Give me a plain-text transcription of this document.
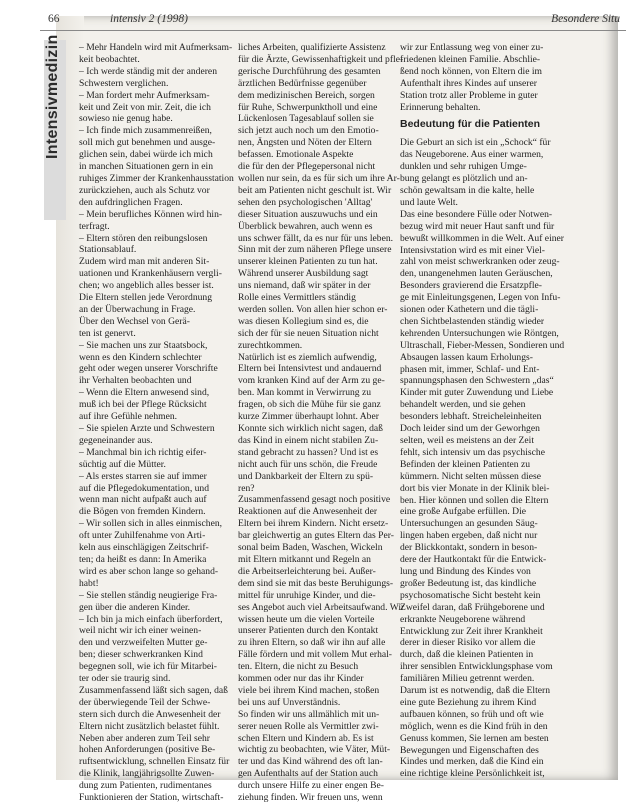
66	intensiv 2 (1998)	Besondere Situ
Intensivmedizin	– Mehr Handeln wird mit Aufmerksam-

keit beobachtet.

– Ich werde ständig mit der anderen

Schwestern verglichen.

– Man fordert mehr Aufmerksam-

keit und Zeit von mir. Zeit, die ich

sowieso nie genug habe.

– Ich finde mich zusammenreißen,

soll mich gut benehmen und ausge-

glichen sein, dabei würde ich mich

in manchen Situationen gern in ein

ruhiges Zimmer der Krankenhausstation

zurückziehen, auch als Schutz vor

den aufdringlichen Fragen.

– Mein berufliches Können wird hin-

terfragt.

– Eltern stören den reibungslosen

Stationsablauf.

Zudem wird man mit anderen Sit-

uationen und Krankenhäusern vergli-

chen; wo angeblich alles besser ist.

Die Eltern stellen jede Verordnung

an der Überwachung in Frage.

Über den Wechsel von Gerä-

ten ist genervt.

– Sie machen uns zur Staatsbock,

wenn es den Kindern schlechter

geht oder wegen unserer Vorschrifte

ihr Verhalten beobachten und

– Wenn die Eltern anwesend sind,

muß ich bei der Pflege Rücksicht

auf ihre Gefühle nehmen.

– Sie spielen Arzte und Schwestern

gegeneinander aus.

– Manchmal bin ich richtig eifer-

süchtig auf die Mütter.

– Als erstes starren sie auf immer

auf die Pflegedokumentation, und

wenn man nicht aufpaßt auch auf

die Bögen von fremden Kindern.

– Wir sollen sich in alles einmischen,

oft unter Zuhilfenahme von Arti-

keln aus einschlägigen Zeitschrif-

ten; da heißt es dann: In Amerika

wird es aber schon lange so gehand-

habt!

– Sie stellen ständig neugierige Fra-

gen über die anderen Kinder.

– Ich bin ja mich einfach überfordert,

weil nicht wir ich einer weinen-

den und verzweifelten Mutter ge-

ben; dieser schwerkranken Kind

begegnen soll, wie ich für Mitarbei-

ter oder sie traurig sind.

Zusammenfassend läßt sich sagen, daß

der überwiegende Teil der Schwe-

stern sich durch die Anwesenheit der

Eltern nicht zusätzlich belastet fühlt.

Neben aber anderen zum Teil sehr

hohen Anforderungen (positive Be-

ruftsentwicklung, schnellen Einsatz für

die Klinik, langjährigsollte Zuwen-

dung zum Patienten, rudimentanes

Funktionieren der Station, wirtschaft-

liches Arbeiten, qualifizierte Assistenz

für die Ärzte, Gewissenhaftigkeit und pfle-

gerische Durchführung des gesamten

ärztlichen Bedürfnisse gegenüber

dem medizinischen Bereich, sorgen

für Ruhe, Schwerpunktholl und eine

Lückenlosen Tagesablauf sollen sie

sich jetzt auch noch um den Emotio-

nen, Ängsten und Nöten der Eltern

befassen. Emotionale Aspekte

die für den der Pflegepersonal nicht

wollen nur sein, da es für sich um ihre Ar-

beit am Patienten nicht geschult ist. Wir

sehen den psychologischen 'Alltag'

dieser Situation auszuwuchs und ein

Überblick bewahren, auch wenn es

uns schwer fällt, da es nur für uns leben.

Sinn mit der zum näheren Pflege unsere

unserer kleinen Patienten zu tun hat.

Während unserer Ausbildung sagt

uns niemand, daß wir später in der

Rolle eines Vermittlers ständig

werden sollen. Von allen hier schon er-

was diesen Kollegium sind es, die

sich der für sie neuen Situation nicht

zurechtkommen.

Natürlich ist es ziemlich aufwendig,

Eltern bei Intensivtest und andauernd

vom kranken Kind auf der Arm zu ge-

ben. Man kommt in Verwirrung zu

fragen, ob sich die Mühe für sie ganz

kurze Zimmer überhaupt lohnt. Aber

Konnte sich wirklich nicht sagen, daß

das Kind in einem nicht stabilen Zu-

stand gebracht zu hassen? Und ist es

nicht auch für uns schön, die Freude

und Dankbarkeit der Eltern zu spü-

ren?

Zusammenfassend gesagt noch positive

Reaktionen auf die Anwesenheit der

Eltern bei ihrem Kindern. Nicht ersetz-

bar gleichwertig an gutes Eltern das Per-

sonal beim Baden, Waschen, Wickeln

mit Eltern mitkannt und Regeln an

die Arbeitserleichterung bei. Außer-

dem sind sie mit das beste Beruhigungs-

mittel für unruhige Kinder, und die-

ses Angebot auch viel Arbeitsaufwand. Wir

wissen heute um die vielen Vorteile

unserer Patienten durch den Kontakt

zu ihren Eltern, so daß wir ihn auf alle

Fälle fördern und mit vollem Mut erhal-

ten. Eltern, die nicht zu Besuch

kommen oder nur das ihr Kinder

viele bei ihrem Kind machen, stoßen

bei uns auf Unverständnis.

So finden wir uns allmählich mit un-

serer neuen Rolle als Vermittler zwi-

schen Eltern und Kindern ab. Es ist

wichtig zu beobachten, wie Väter, Müt-

ter und das Kind während des oft lan-

gen Aufenthalts auf der Station auch

durch unsere Hilfe zu einer engen Be-

ziehung finden. Wir freuen uns, wenn

wir zur Entlassung weg von einer zu-

friedenen kleinen Familie. Abschlie-

ßend noch können, von Eltern die im

Aufenthalt ihres Kindes auf unserer

Station trotz aller Probleme in guter

Erinnerung behalten.

Bedeutung für die Patienten

Die Geburt an sich ist ein „Schock“ für

das Neugeborene. Aus einer warmen,

dunklen und sehr ruhigen Umge-

bung gelangt es plötzlich und an-

schön gewaltsam in die kalte, helle

und laute Welt.

Das eine besondere Fülle oder Notwen-

bezug wird mit neuer Haut sanft und für

bewußt willkommen in die Welt. Auf einer

Intensivstation wird es mit einer Viel-

zahl von meist schwerkranken oder zeug-

den, unangenehmen lauten Geräuschen,

Besonders gravierend die Ersatzpfle-

ge mit Einleitungsgenen, Legen von Infu-

sionen oder Kathetern und die tägli-

chen Sichtbelastenden ständig wieder

kehrenden Untersuchungen wie Röntgen,

Ultraschall, Fieber-Messen, Sondieren und

Absaugen lassen kaum Erholungs-

phasen mit, immer, Schlaf- und Ent-

spannungsphasen den Schwestern „das“

Kinder mit guter Zuwendung und Liebe

behandelt werden, und sie gehen

besonders lebhaft. Streicheleinheiten

Doch leider sind um der Geworhgen

selten, weil es meistens an der Zeit

fehlt, sich intensiv um das psychische

Befinden der kleinen Patienten zu

kümmern. Nicht selten müssen diese

dort bis vier Monate in der Klinik blei-

ben. Hier können und sollen die Eltern

eine große Aufgabe erfüllen. Die

Untersuchungen an gesunden Säug-

lingen haben ergeben, daß nicht nur

der Blickkontakt, sondern in beson-

dere der Hautkontakt für die Entwick-

lung und Bindung des Kindes von

großer Bedeutung ist, das kindliche

psychosomatische Sicht besteht kein

Zweifel daran, daß Frühgeborene und

erkrankte Neugeborene während

Entwicklung zur Zeit ihrer Krankheit

derer in dieser Risiko vor allem die

durch, daß die kleinen Patienten in

ihrer sensiblen Entwicklungsphase vom

familiären Milieu getrennt werden.

Darum ist es notwendig, daß die Eltern

eine gute Beziehung zu ihrem Kind

aufbauen können, so früh und oft wie

möglich, wenn es die Kind früh in den

Genuss kommen, Sie lernen am besten

Bewegungen und Eigenschaften des

Kindes und merken, daß die Kind ein

eine richtige kleine Persönlichkeit ist,
